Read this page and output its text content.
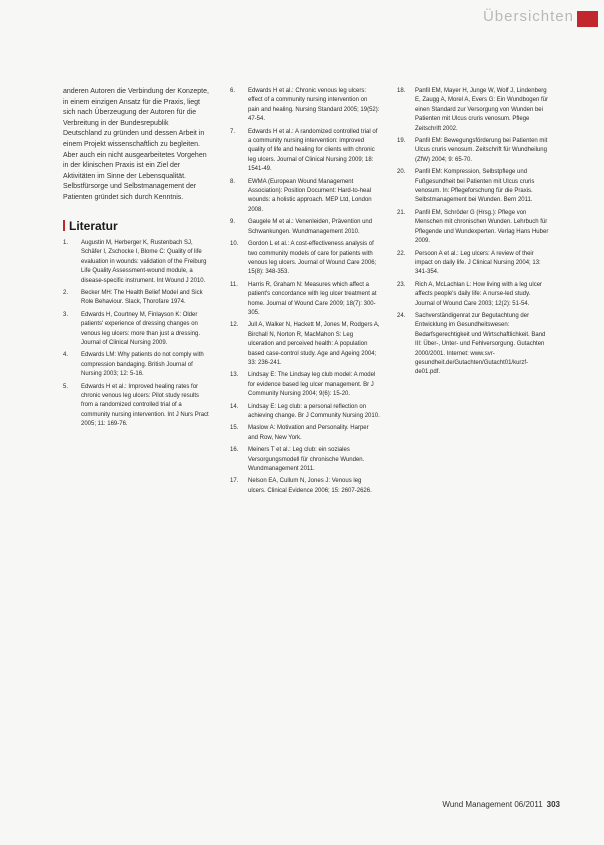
Übersichten

anderen Autoren die Verbindung der Konzepte, in einem einzigen Ansatz für die Praxis, liegt sich nach Überzeugung der Autoren für die Verbreitung in der Bundesrepublik Deutschland zu gründen und dessen Arbeit in einem Projekt wissenschaftlich zu begleiten. Aber auch ein nicht ausgearbeitetes Vorgehen in der klinischen Praxis ist ein Ziel der Aktivitäten im Sinne der Lebensqualität. Selbstfürsorge und Selbstmanagement der Patienten gründet sich durch Kenntnis.

Literatur
1.	Augustin M, Herberger K, Rustenbach SJ, Schäfer I, Zschocke I, Blome C: Quality of life evaluation in wounds: validation of the Freiburg Life Quality Assessment-wound module, a disease-specific instrument. Int Wound J 2010.
2.	Becker MH: The Health Belief Model and Sick Role Behaviour. Slack, Thorofare 1974.
3.	Edwards H, Courtney M, Finlayson K: Older patients' experience of dressing changes on venous leg ulcers: more than just a dressing. Journal of Clinical Nursing 2009.
4.	Edwards LM: Why patients do not comply with compression bandaging. British Journal of Nursing 2003; 12: 5-16.
5.	Edwards H et al.: Improved healing rates for chronic venous leg ulcers: Pilot study results from a randomized controlled trial of a community nursing intervention. Int J Nurs Pract 2005; 11: 169-76.
6.	Edwards H et al.: Chronic venous leg ulcers: effect of a community nursing intervention on pain and healing. Nursing Standard 2005; 19(52): 47-54.
7.	Edwards H et al.: A randomized controlled trial of a community nursing intervention: improved quality of life and healing for clients with chronic leg ulcers. Journal of Clinical Nursing 2009; 18: 1541-49.
8.	EWMA (European Wound Management Association): Position Document: Hard-to-heal wounds: a holistic approach. MEP Ltd, London 2008.
9.	Gaugele M et al.: Venenleiden, Prävention und Schwankungen. Wundmanagement 2010.
10.	Gordon L et al.: A cost-effectiveness analysis of two community models of care for patients with venous leg ulcers. Journal of Wound Care 2006; 15(8): 348-353.
11.	Harris R, Graham N: Measures which affect a patient's concordance with leg ulcer treatment at home. Journal of Wound Care 2009; 18(7): 300-305.
12.	Jull A, Walker N, Hackett M, Jones M, Rodgers A, Birchall N, Norton R, MacMahon S: Leg ulceration and perceived health: A population based case-control study. Age and Ageing 2004; 33: 236-241.
13.	Lindsay E: The Lindsay leg club model: A model for evidence based leg ulcer management. Br J Community Nursing 2004; 9(6): 15-20.
14.	Lindsay E: Leg club: a personal reflection on achieving change. Br J Community Nursing 2010.
15.	Maslow A: Motivation and Personality. Harper and Row, New York.
16.	Meiners T et al.: Leg club: ein soziales Versorgungsmodell für chronische Wunden. Wundmanagement 2011.
17.	Nelson EA, Cullum N, Jones J: Venous leg ulcers. Clinical Evidence 2006; 15: 2607-2626.
18.	Panfil EM, Mayer H, Junge W, Wolf J, Lindenberg E, Zaugg A, Morel A, Evers G: Ein Wundbogen für einen Standard zur Versorgung von Wunden bei Patienten mit Ulcus cruris venosum. Pflege Zeitschrift 2002.
19.	Panfil EM: Bewegungsförderung bei Patienten mit Ulcus cruris venosum. Zeitschrift für Wundheilung (ZfW) 2004; 9: 65-70.
20.	Panfil EM: Kompression, Selbstpflege und Fußgesundheit bei Patienten mit Ulcus cruris venosum. In: Pflegeforschung für die Praxis. Selbstmanagement bei Wunden. Bern 2011.
21.	Panfil EM, Schröder G (Hrsg.): Pflege von Menschen mit chronischen Wunden. Lehrbuch für Pflegende und Wundexperten. Verlag Hans Huber 2009.
22.	Persoon A et al.: Leg ulcers: A review of their impact on daily life. J Clinical Nursing 2004; 13: 341-354.
23.	Rich A, McLachlan L: How living with a leg ulcer affects people's daily life: A nurse-led study. Journal of Wound Care 2003; 12(2): 51-54.
24.	Sachverständigenrat zur Begutachtung der Entwicklung im Gesundheitswesen: Bedarfsgerechtigkeit und Wirtschaftlichkeit. Band III: Über-, Unter- und Fehlversorgung. Gutachten 2000/2001. Internet: www.svr-gesundheit.de/Gutachten/Gutacht01/kurzf-de01.pdf.
Wund Management 06/2011 303
